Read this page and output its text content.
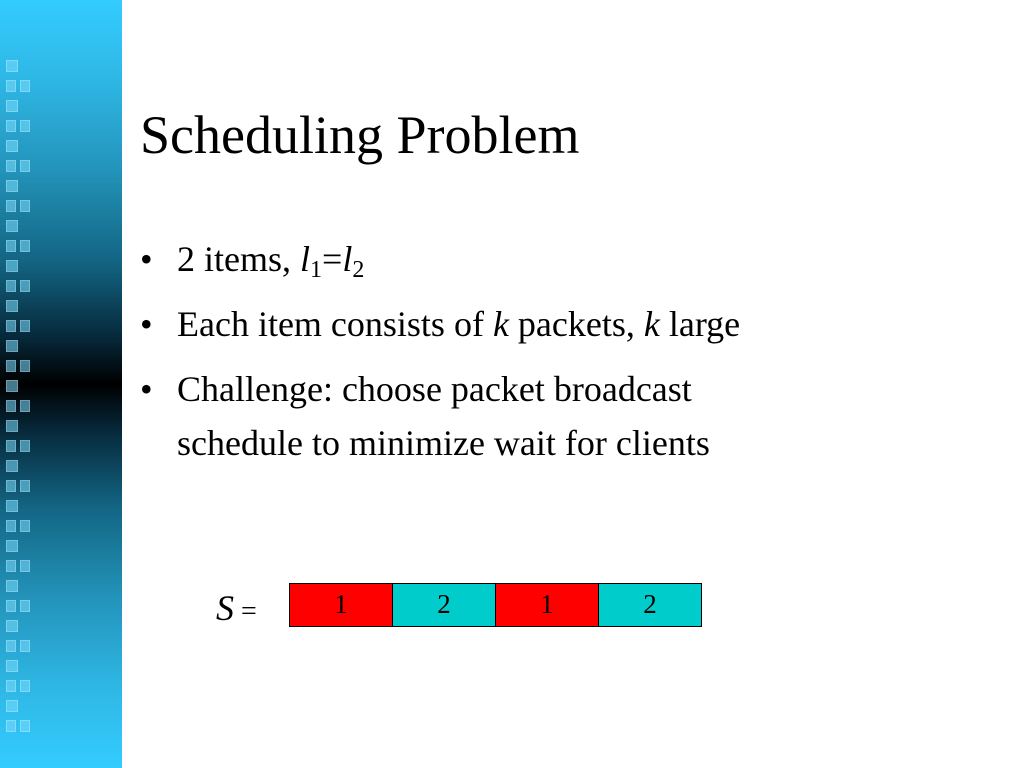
Scheduling Problem
• 2 items, $l_1=l_2$
• Each item consists of k packets, k large
• Challenge: choose packet broadcast
schedule to minimize wait for clients
S =	1	2	1	2
